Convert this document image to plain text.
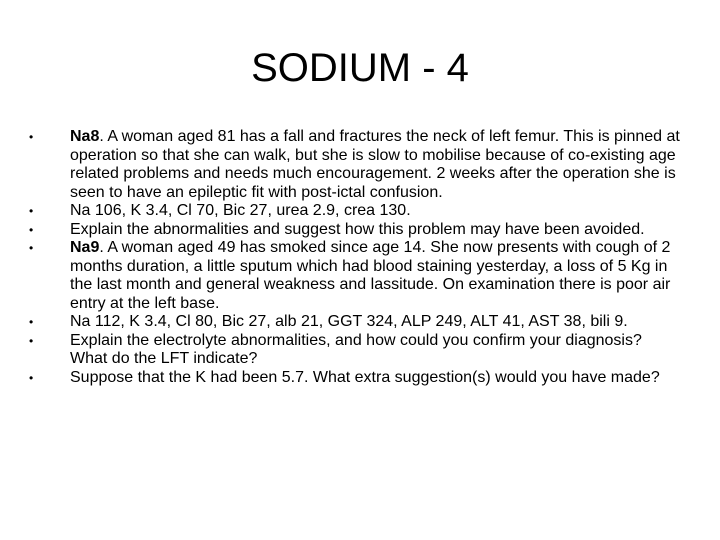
SODIUM - 4
• Na8. A woman aged 81 has a fall and fractures the neck of left femur. This is pinned at operation so that she can walk, but she is slow to mobilise because of co-existing age related problems and needs much encouragement. 2 weeks after the operation she is seen to have an epileptic fit with post-ictal confusion.
• Na 106, K 3.4, Cl 70, Bic 27, urea 2.9, crea 130.
• Explain the abnormalities and suggest how this problem may have been avoided.
• Na9. A woman aged 49 has smoked since age 14. She now presents with cough of 2 months duration, a little sputum which had blood staining yesterday, a loss of 5 Kg in the last month and general weakness and lassitude. On examination there is poor air entry at the left base.
• Na 112, K 3.4, Cl 80, Bic 27, alb 21, GGT 324, ALP 249, ALT 41, AST 38, bili 9.
• Explain the electrolyte abnormalities, and how could you confirm your diagnosis? What do the LFT indicate?
• Suppose that the K had been 5.7. What extra suggestion(s) would you have made?
